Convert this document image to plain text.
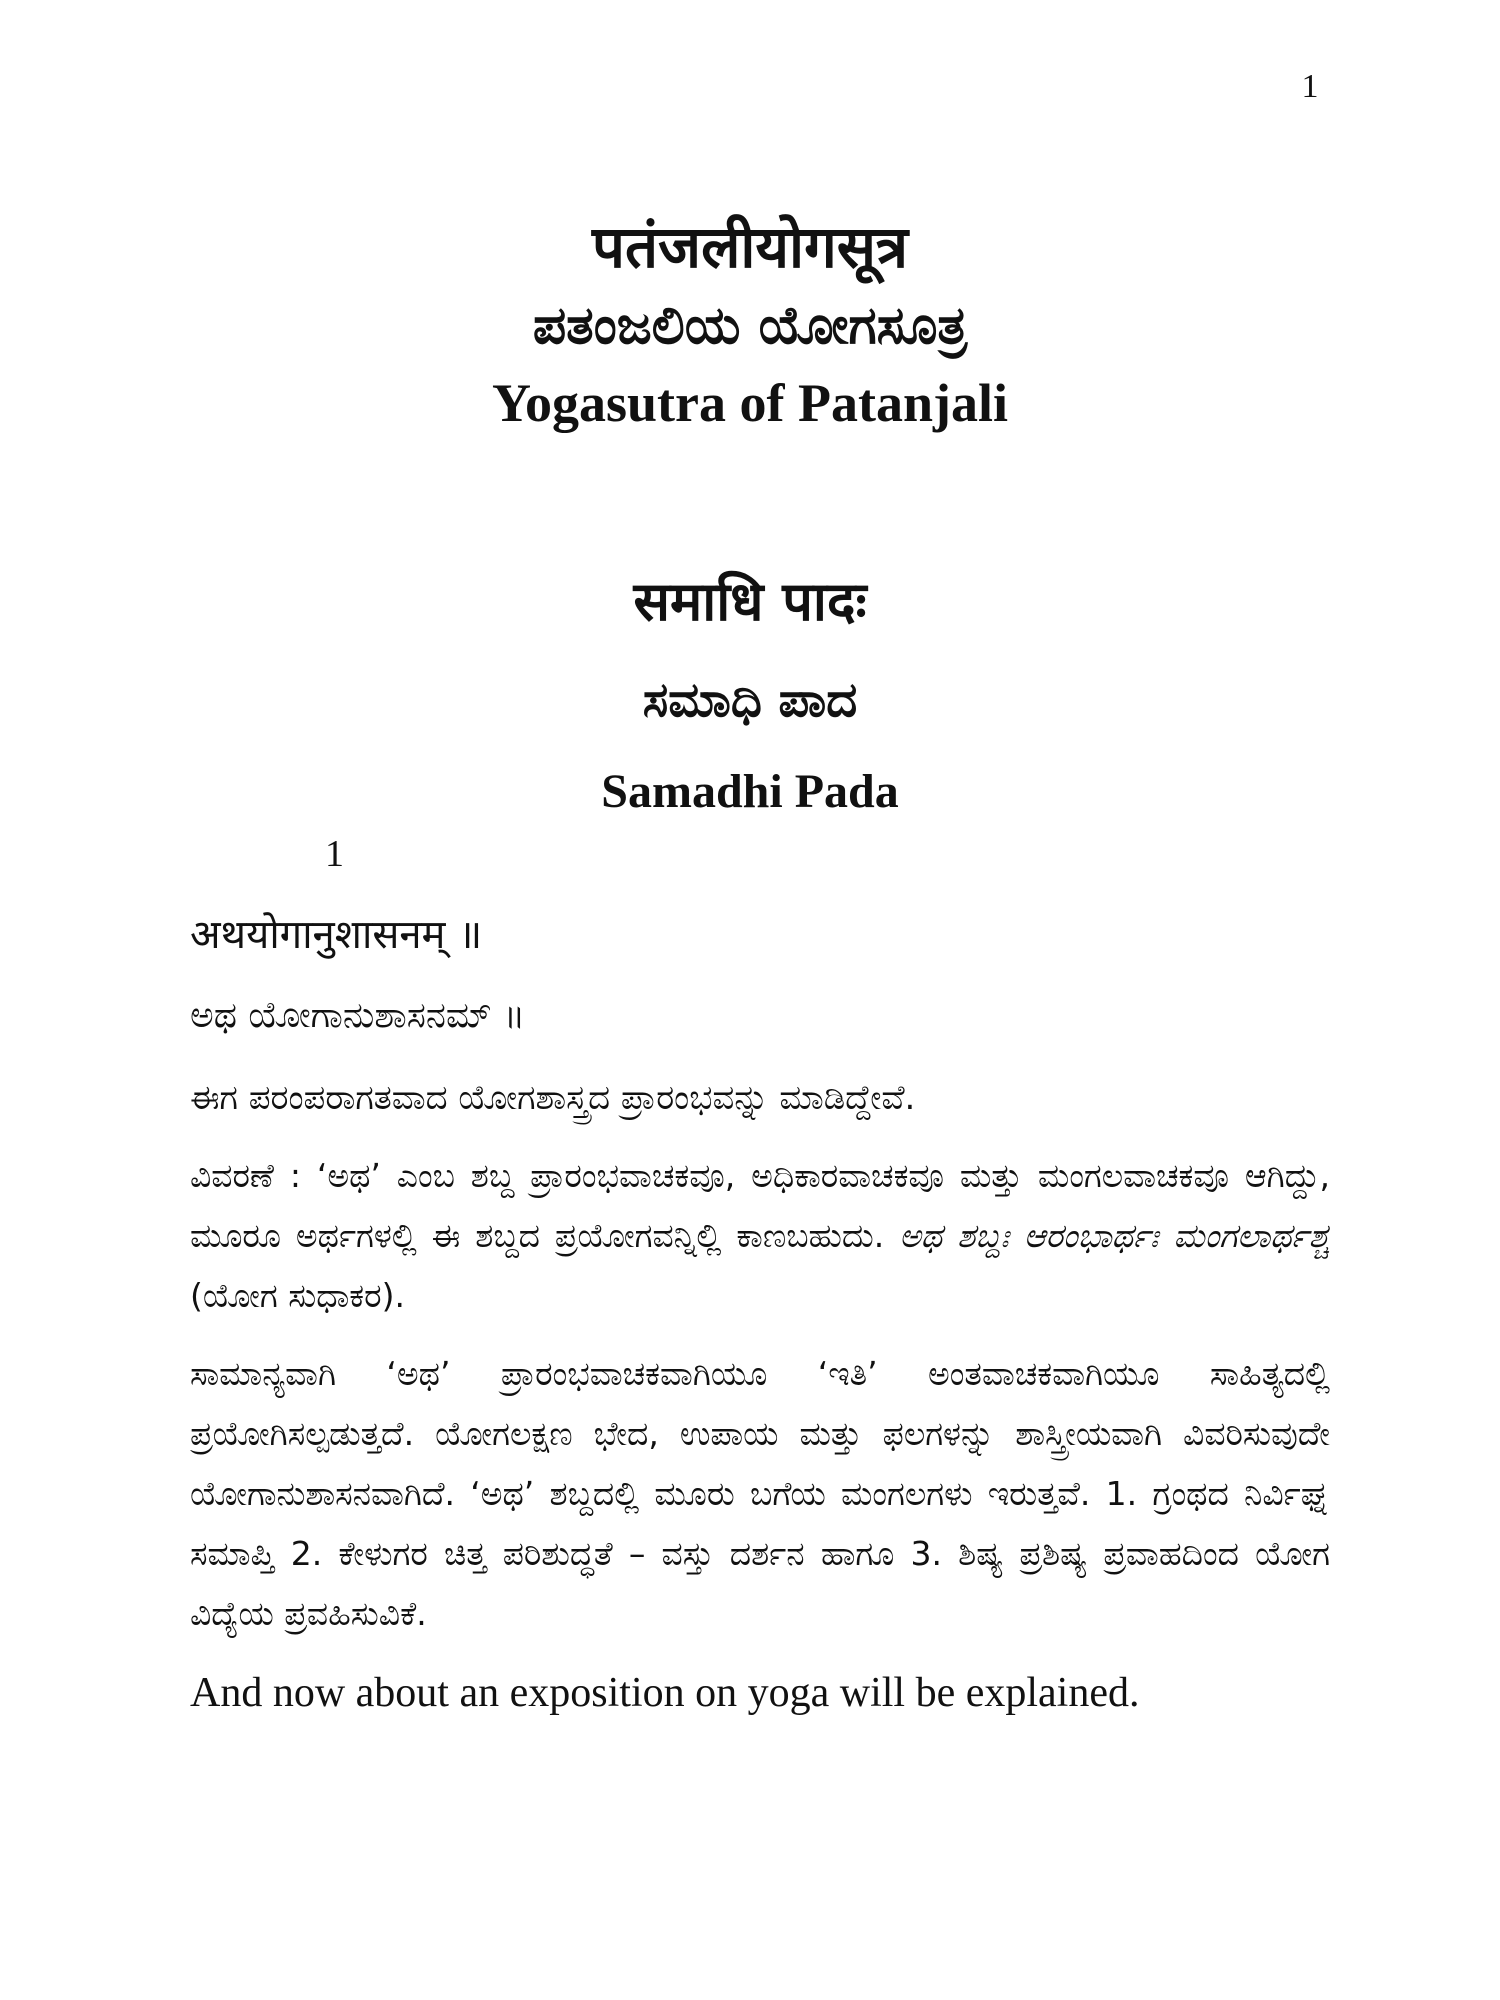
1

पतंजलीयोगसूत्र

ಪತಂಜಲಿಯ ಯೋಗಸೂತ್ರ

Yogasutra of Patanjali

समाधि पादः

ಸಮಾಧಿ ಪಾದ

Samadhi Pada

1

अथयोगानुशासनम् ॥

ಅಥ ಯೋಗಾನುಶಾಸನಮ್ ॥

ಈಗ ಪರಂಪರಾಗತವಾದ ಯೋಗಶಾಸ್ತ್ರದ ಪ್ರಾರಂಭವನ್ನು ಮಾಡಿದ್ದೇವೆ.

ವಿವರಣೆ : ‘ಅಥ’ ಎಂಬ ಶಬ್ದ ಪ್ರಾರಂಭವಾಚಕವೂ, ಅಧಿಕಾರವಾಚಕವೂ ಮತ್ತು ಮಂಗಲವಾಚಕವೂ ಆಗಿದ್ದು, ಮೂರೂ ಅರ್ಥಗಳಲ್ಲಿ ಈ ಶಬ್ದದ ಪ್ರಯೋಗವನ್ನಿಲ್ಲಿ ಕಾಣಬಹುದು. ಅಥ ಶಬ್ದಃ ಆರಂಭಾರ್ಥಃ ಮಂಗಲಾರ್ಥಶ್ಚ (ಯೋಗ ಸುಧಾಕರ).

ಸಾಮಾನ್ಯವಾಗಿ ‘ಅಥ’ ಪ್ರಾರಂಭವಾಚಕವಾಗಿಯೂ ‘ಇತಿ’ ಅಂತವಾಚಕವಾಗಿಯೂ ಸಾಹಿತ್ಯದಲ್ಲಿ ಪ್ರಯೋಗಿಸಲ್ಪಡುತ್ತದೆ. ಯೋಗಲಕ್ಷಣ ಭೇದ, ಉಪಾಯ ಮತ್ತು ಫಲಗಳನ್ನು ಶಾಸ್ತ್ರೀಯವಾಗಿ ವಿವರಿಸುವುದೇ ಯೋಗಾನುಶಾಸನವಾಗಿದೆ. ‘ಅಥ’ ಶಬ್ದದಲ್ಲಿ ಮೂರು ಬಗೆಯ ಮಂಗಲಗಳು ಇರುತ್ತವೆ. 1. ಗ್ರಂಥದ ನಿರ್ವಿಘ್ನ ಸಮಾಪ್ತಿ 2. ಕೇಳುಗರ ಚಿತ್ತ ಪರಿಶುದ್ಧತೆ – ವಸ್ತು ದರ್ಶನ ಹಾಗೂ 3. ಶಿಷ್ಯ ಪ್ರಶಿಷ್ಯ ಪ್ರವಾಹದಿಂದ ಯೋಗ ವಿದ್ಯೆಯ ಪ್ರವಹಿಸುವಿಕೆ.

And now about an exposition on yoga will be explained.
